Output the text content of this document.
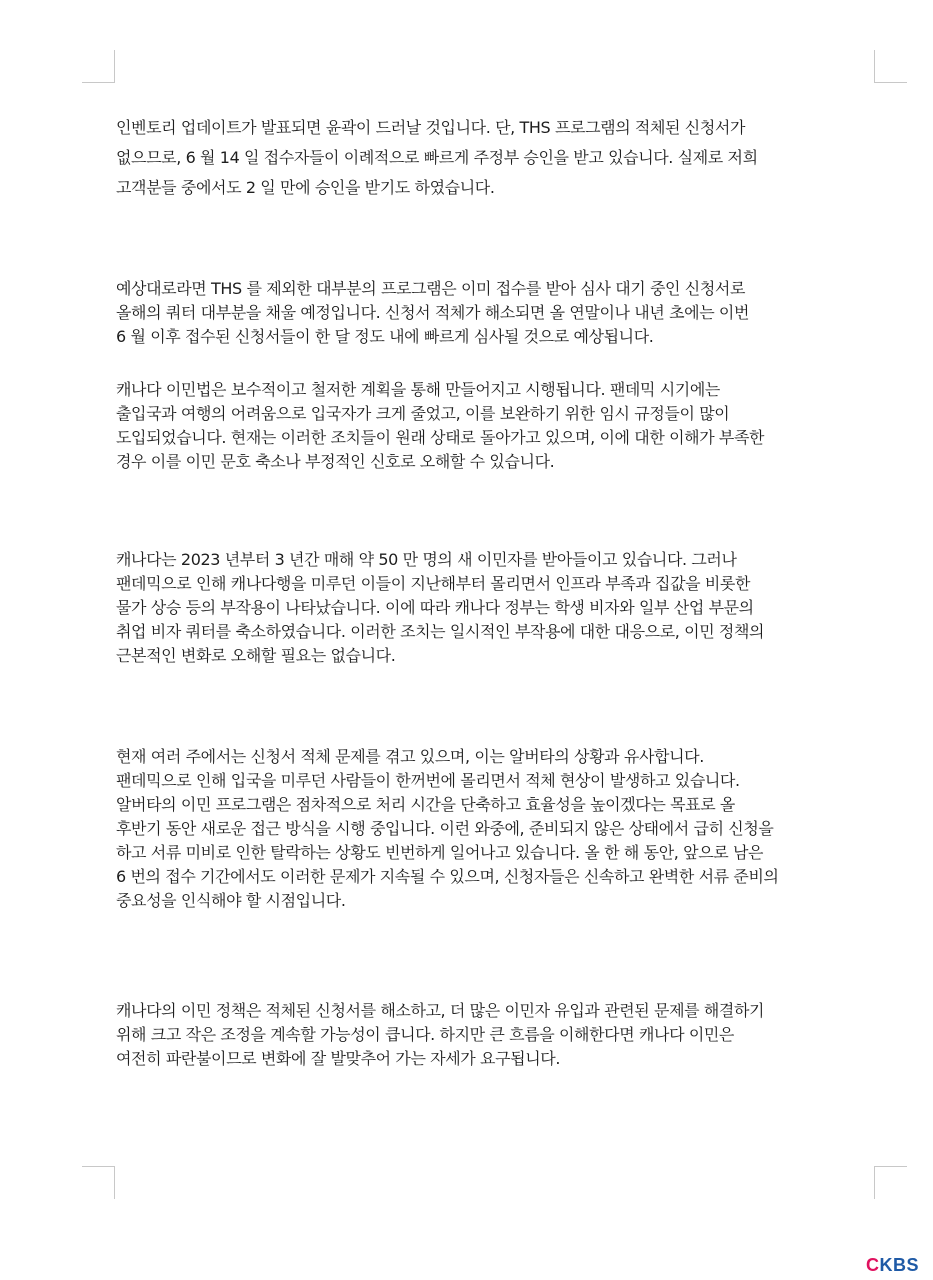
인벤토리 업데이트가 발표되면 윤곽이 드러날 것입니다. 단, THS 프로그램의 적체된 신청서가
없으므로, 6 월 14 일 접수자들이 이례적으로 빠르게 주정부 승인을 받고 있습니다. 실제로 저희
고객분들 중에서도 2 일 만에 승인을 받기도 하였습니다.
예상대로라면 THS 를 제외한 대부분의 프로그램은 이미 접수를 받아 심사 대기 중인 신청서로
올해의 쿼터 대부분을 채울 예정입니다. 신청서 적체가 해소되면 올 연말이나 내년 초에는 이번
6 월 이후 접수된 신청서들이 한 달 정도 내에 빠르게 심사될 것으로 예상됩니다.
캐나다 이민법은 보수적이고 철저한 계획을 통해 만들어지고 시행됩니다. 팬데믹 시기에는
출입국과 여행의 어려움으로 입국자가 크게 줄었고, 이를 보완하기 위한 임시 규정들이 많이
도입되었습니다. 현재는 이러한 조치들이 원래 상태로 돌아가고 있으며, 이에 대한 이해가 부족한
경우 이를 이민 문호 축소나 부정적인 신호로 오해할 수 있습니다.
캐나다는 2023 년부터 3 년간 매해 약 50 만 명의 새 이민자를 받아들이고 있습니다. 그러나
팬데믹으로 인해 캐나다행을 미루던 이들이 지난해부터 몰리면서 인프라 부족과 집값을 비롯한
물가 상승 등의 부작용이 나타났습니다. 이에 따라 캐나다 정부는 학생 비자와 일부 산업 부문의
취업 비자 쿼터를 축소하였습니다. 이러한 조치는 일시적인 부작용에 대한 대응으로, 이민 정책의
근본적인 변화로 오해할 필요는 없습니다.
현재 여러 주에서는 신청서 적체 문제를 겪고 있으며, 이는 알버타의 상황과 유사합니다.
팬데믹으로 인해 입국을 미루던 사람들이 한꺼번에 몰리면서 적체 현상이 발생하고 있습니다.
알버타의 이민 프로그램은 점차적으로 처리 시간을 단축하고 효율성을 높이겠다는 목표로 올
후반기 동안 새로운 접근 방식을 시행 중입니다. 이런 와중에, 준비되지 않은 상태에서 급히 신청을
하고 서류 미비로 인한 탈락하는 상황도 빈번하게 일어나고 있습니다. 올 한 해 동안, 앞으로 남은
6 번의 접수 기간에서도 이러한 문제가 지속될 수 있으며, 신청자들은 신속하고 완벽한 서류 준비의
중요성을 인식해야 할 시점입니다.
캐나다의 이민 정책은 적체된 신청서를 해소하고, 더 많은 이민자 유입과 관련된 문제를 해결하기
위해 크고 작은 조정을 계속할 가능성이 큽니다. 하지만 큰 흐름을 이해한다면 캐나다 이민은
여전히 파란불이므로 변화에 잘 발맞추어 가는 자세가 요구됩니다.
CKBS
